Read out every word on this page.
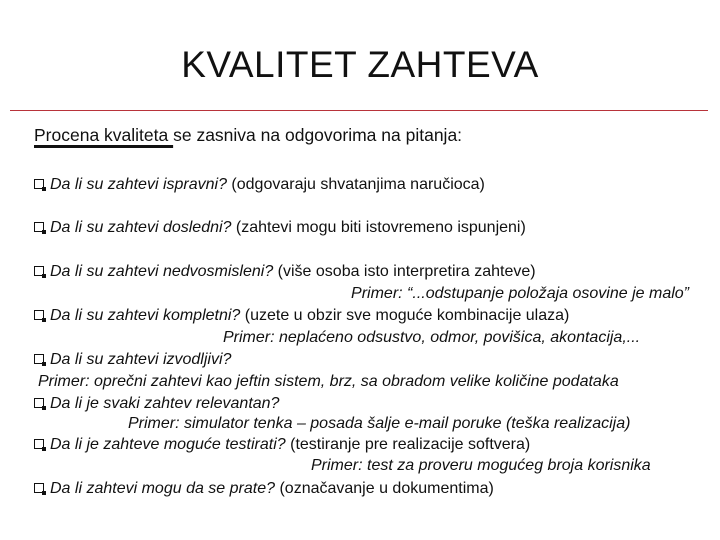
KVALITET ZAHTEVA
Procena kvaliteta se zasniva na odgovorima na pitanja:
Da li su zahtevi ispravni? (odgovaraju shvatanjima naručioca)
Da li su zahtevi dosledni? (zahtevi mogu biti istovremeno ispunjeni)
Da li su zahtevi nedvosmisleni? (više osoba isto interpretira zahteve)
Primer: “...odstupanje položaja osovine je malo”
Da li su zahtevi kompletni? (uzete u obzir sve moguće kombinacije ulaza)
Primer: neplaćeno odsustvo, odmor, povišica, akontacija,...
Da li su zahtevi izvodljivi?
Primer: oprečni zahtevi kao jeftin sistem, brz, sa obradom velike količine podataka
Da li je svaki zahtev relevantan?
Primer: simulator tenka – posada šalje e-mail poruke (teška realizacija)
Da li je zahteve moguće testirati? (testiranje pre realizacije softvera)
Primer: test za proveru mogućeg broja korisnika
Da li zahtevi mogu da se prate? (označavanje u dokumentima)
